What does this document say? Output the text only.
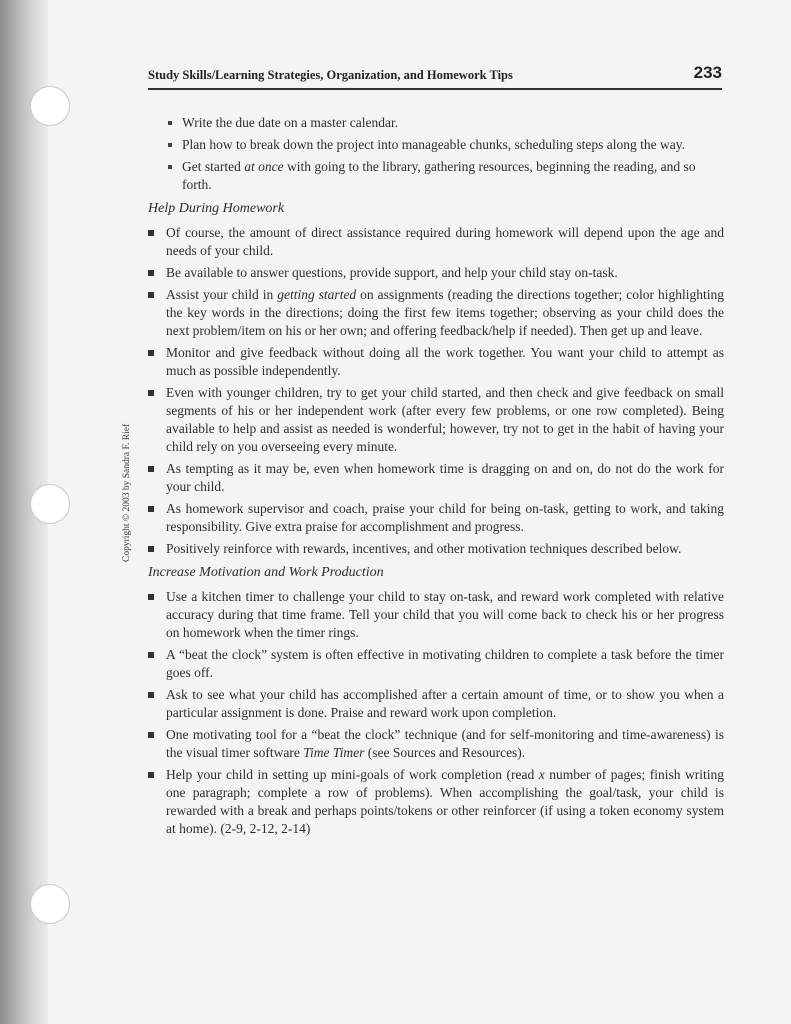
Study Skills/Learning Strategies, Organization, and Homework Tips	233
Copyright © 2003 by Sandra F. Rief
Write the due date on a master calendar.
Plan how to break down the project into manageable chunks, scheduling steps along the way.
Get started at once with going to the library, gathering resources, beginning the reading, and so forth.
Help During Homework
Of course, the amount of direct assistance required during homework will depend upon the age and needs of your child.
Be available to answer questions, provide support, and help your child stay on-task.
Assist your child in getting started on assignments (reading the directions together; color highlighting the key words in the directions; doing the first few items together; observing as your child does the next problem/item on his or her own; and offering feedback/help if needed). Then get up and leave.
Monitor and give feedback without doing all the work together. You want your child to attempt as much as possible independently.
Even with younger children, try to get your child started, and then check and give feedback on small segments of his or her independent work (after every few problems, or one row completed). Being available to help and assist as needed is wonderful; however, try not to get in the habit of having your child rely on you overseeing every minute.
As tempting as it may be, even when homework time is dragging on and on, do not do the work for your child.
As homework supervisor and coach, praise your child for being on-task, getting to work, and taking responsibility. Give extra praise for accomplishment and progress.
Positively reinforce with rewards, incentives, and other motivation techniques described below.
Increase Motivation and Work Production
Use a kitchen timer to challenge your child to stay on-task, and reward work completed with relative accuracy during that time frame. Tell your child that you will come back to check his or her progress on homework when the timer rings.
A “beat the clock” system is often effective in motivating children to complete a task before the timer goes off.
Ask to see what your child has accomplished after a certain amount of time, or to show you when a particular assignment is done. Praise and reward work upon completion.
One motivating tool for a “beat the clock” technique (and for self-monitoring and time-awareness) is the visual timer software Time Timer (see Sources and Resources).
Help your child in setting up mini-goals of work completion (read x number of pages; finish writing one paragraph; complete a row of problems). When accomplishing the goal/task, your child is rewarded with a break and perhaps points/tokens or other reinforcer (if using a token economy system at home). (2-9, 2-12, 2-14)
